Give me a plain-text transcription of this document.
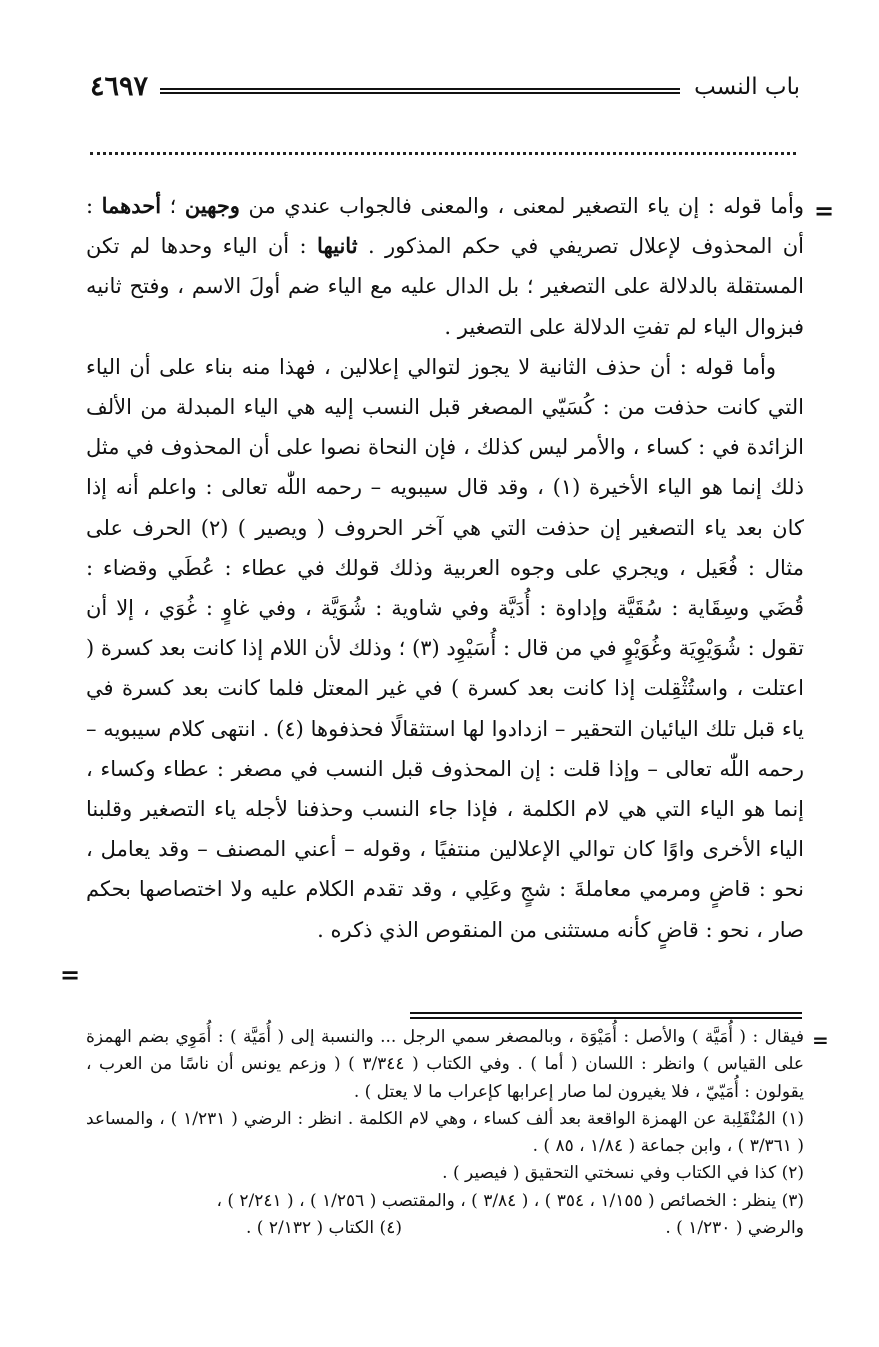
٤٦٩٧	باب النسب
=

وأما قوله : إن ياء التصغير لمعنى ، والمعنى فالجواب عندي من وجهين ؛ أحدهما : أن المحذوف لإعلال تصريفي في حكم المذكور . ثانيها : أن الياء وحدها لم تكن المستقلة بالدلالة على التصغير ؛ بل الدال عليه مع الياء ضم أولَ الاسم ، وفتح ثانيه فبزوال الياء لم تفتِ الدلالة على التصغير .

وأما قوله : أن حذف الثانية لا يجوز لتوالي إعلالين ، فهذا منه بناء على أن الياء التي كانت حذفت من : كُسَيّي المصغر قبل النسب إليه هي الياء المبدلة من الألف الزائدة في : كساء ، والأمر ليس كذلك ، فإن النحاة نصوا على أن المحذوف في مثل ذلك إنما هو الياء الأخيرة (١) ، وقد قال سيبويه – رحمه اللّٰه تعالى : واعلم أنه إذا كان بعد ياء التصغير إن حذفت التي هي آخر الحروف ( ويصير ) (٢) الحرف على مثال : فُعَيل ، ويجري على وجوه العربية وذلك قولك في عطاء : عُطَي وقضاء : قُضَي وسِقَاية : سُقَيَّة وإداوة : أُدَيَّة وفي شاوية : شُوَيَّة ، وفي غاوٍ : غُوَي ، إلا أن تقول : شُوَيْوِيَة وغُوَيْوٍ في من قال : أُسَيْوِد (٣) ؛ وذلك لأن اللام إذا كانت بعد كسرة ( اعتلت ، واستُثْقِلت إذا كانت بعد كسرة ) في غير المعتل فلما كانت بعد كسرة في ياء قبل تلك اليائيان التحقير – ازدادوا لها استثقالًا فحذفوها (٤) . انتهى كلام سيبويه – رحمه اللّٰه تعالى – وإذا قلت : إن المحذوف قبل النسب في مصغر : عطاء وكساء ، إنما هو الياء التي هي لام الكلمة ، فإذا جاء النسب وحذفنا لأجله ياء التصغير وقلبنا الياء الأخرى واوًا كان توالي الإعلالين منتفيًا ، وقوله – أعني المصنف – وقد يعامل ، نحو : قاضٍ ومرمي معاملةَ : شجٍ وعَلِي ، وقد تقدم الكلام عليه ولا اختصاصها بحكم صار ، نحو : قاضٍ كأنه مستثنى من المنقوص الذي ذكره .

=
=

فيقال : ( أُمَيَّة ) والأصل : أُمَيْوَة ، وبالمصغر سمي الرجل ... والنسبة إلى ( أُمَيَّة ) : أُمَوِي بضم الهمزة على القياس ) وانظر : اللسان ( أما ) . وفي الكتاب ( ٣/٣٤٤ ) ( وزعم يونس أن ناسًا من العرب ، يقولون : أُمَيّيّ ، فلا يغيرون لما صار إعرابها كإعراب ما لا يعتل ) .

(١) المُنْقَلِبة عن الهمزة الواقعة بعد ألف كساء ، وهي لام الكلمة . انظر : الرضي ( ١/٢٣١ ) ، والمساعد ( ٣/٣٦١ ) ، وابن جماعة ( ١/٨٤ ، ٨٥ ) .

(٢) كذا في الكتاب وفي نسختي التحقيق ( فيصير ) .

(٣) ينظر : الخصائص ( ١/١٥٥ ، ٣٥٤ ) ، ( ٣/٨٤ ) ، والمقتصب ( ١/٢٥٦ ) ، ( ٢/٢٤١ ) ،

والرضي ( ١/٢٣٠ ) .
(٤) الكتاب ( ٢/١٣٢ ) .
